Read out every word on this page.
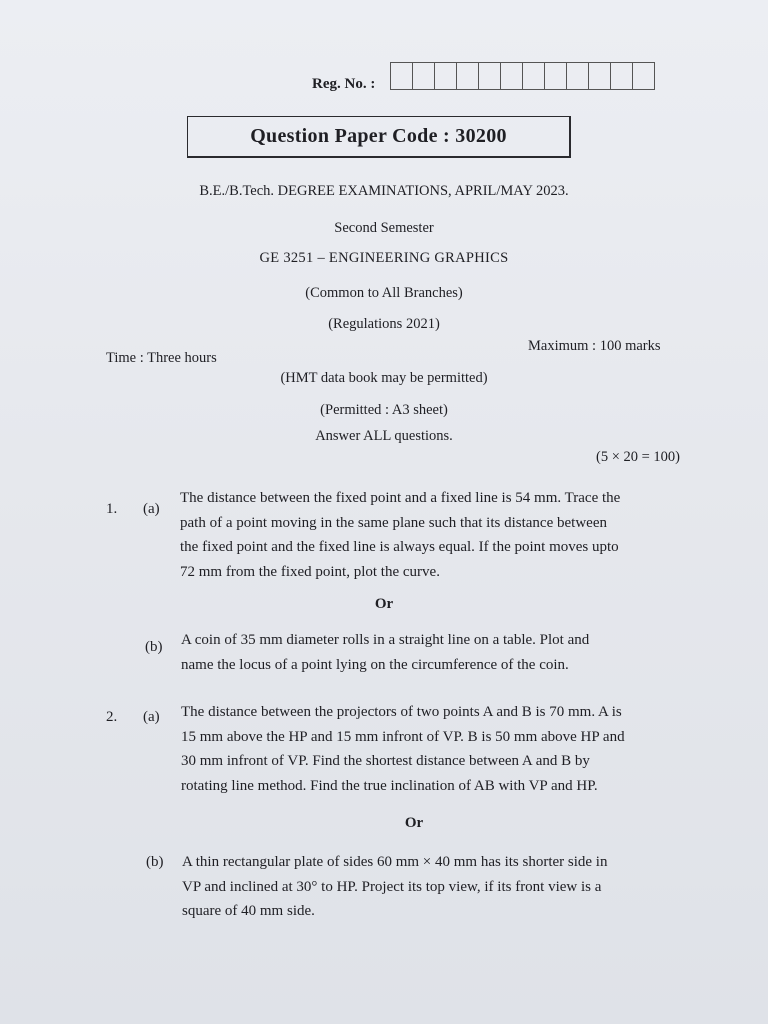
Reg. No. :
Question Paper Code : 30200
B.E./B.Tech. DEGREE EXAMINATIONS, APRIL/MAY 2023.
Second Semester
GE 3251 – ENGINEERING GRAPHICS
(Common to All Branches)
(Regulations 2021)
Time : Three hours
Maximum : 100 marks
(HMT data book may be permitted)
(Permitted : A3 sheet)
Answer ALL questions.
(5 × 20 = 100)
1. (a)
The distance between the fixed point and a fixed line is 54 mm. Trace the
path of a point moving in the same plane such that its distance between
the fixed point and the fixed line is always equal. If the point moves upto
72 mm from the fixed point, plot the curve.
Or
(b) A coin of 35 mm diameter rolls in a straight line on a table. Plot and
name the locus of a point lying on the circumference of the coin.
2. (a) The distance between the projectors of two points A and B is 70 mm. A is
15 mm above the HP and 15 mm infront of VP. B is 50 mm above HP and
30 mm infront of VP. Find the shortest distance between A and B by
rotating line method. Find the true inclination of AB with VP and HP.
Or
(b) A thin rectangular plate of sides 60 mm × 40 mm has its shorter side in
VP and inclined at 30° to HP. Project its top view, if its front view is a
square of 40 mm side.
